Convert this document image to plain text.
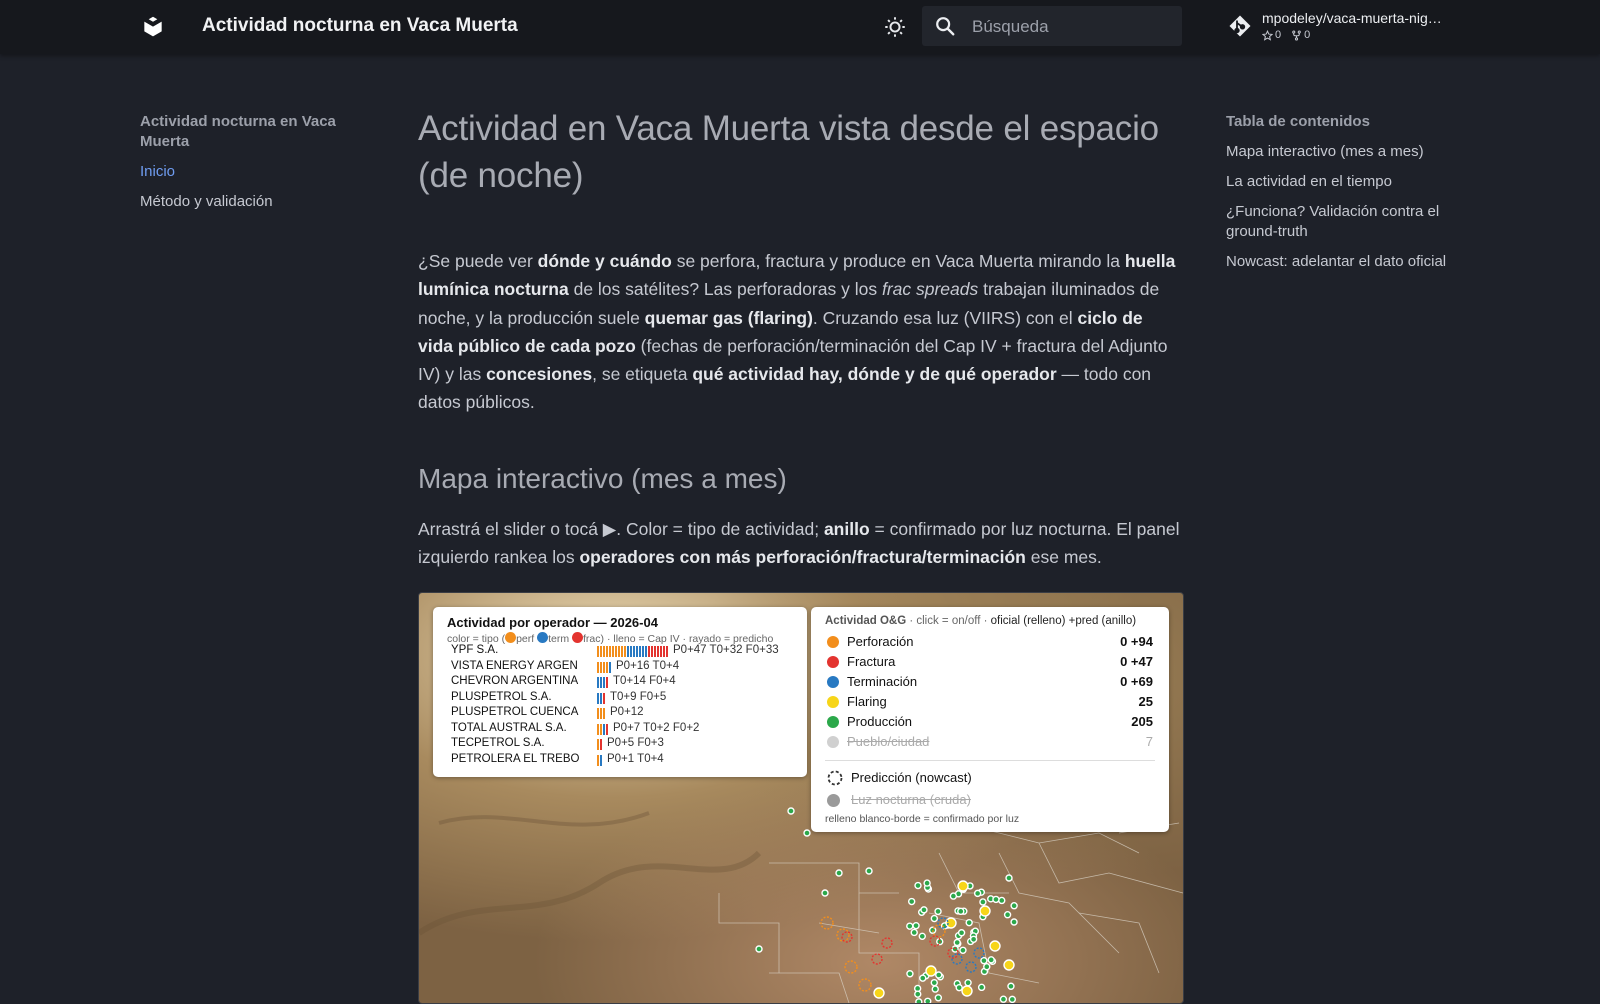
Actividad nocturna en Vaca Muerta
Búsqueda	mpodeley/vaca-muerta-nig…
0 0
Actividad nocturna en Vaca Muerta
Inicio
Método y validación
Tabla de contenidos
Mapa interactivo (mes a mes)
La actividad en el tiempo
¿Funciona? Validación contra el ground-truth
Nowcast: adelantar el dato oficial
Actividad en Vaca Muerta vista desde el espacio (de noche)

¿Se puede ver dónde y cuándo se perfora, fractura y produce en Vaca Muerta mirando la huella lumínica nocturna de los satélites? Las perforadoras y los frac spreads trabajan iluminados de noche, y la producción suele quemar gas (flaring). Cruzando esa luz (VIIRS) con el ciclo de vida público de cada pozo (fechas de perforación/terminación del Cap IV + fractura del Adjunto IV) y las concesiones, se etiqueta qué actividad hay, dónde y de qué operador — todo con datos públicos.

Mapa interactivo (mes a mes)

Arrastrá el slider o tocá ▶. Color = tipo de actividad; anillo = confirmado por luz nocturna. El panel izquierdo rankea los operadores con más perforación/fractura/terminación ese mes.

Actividad por operador — 2026-04
color = tipo ( perf term frac) · lleno = Cap IV · rayado = predicho
YPF S.A.	P0+47 T0+32 F0+33
VISTA ENERGY ARGEN	P0+16 T0+4
CHEVRON ARGENTINA	T0+14 F0+4
PLUSPETROL S.A.	T0+9 F0+5
PLUSPETROL CUENCA	P0+12
TOTAL AUSTRAL S.A.	P0+7 T0+2 F0+2
TECPETROL S.A.	P0+5 F0+3
PETROLERA EL TREBO P0+1 T0+4
Actividad O&G · click = on/off · oficial (relleno) +pred (anillo)
Perforación	0 +94
Fractura	0 +47
Terminación	0 +69
Flaring	25
Producción	205
Pueblo/ciudad	7
Predicción (nowcast)
Luz nocturna (cruda)
relleno blanco-borde = confirmado por luz
